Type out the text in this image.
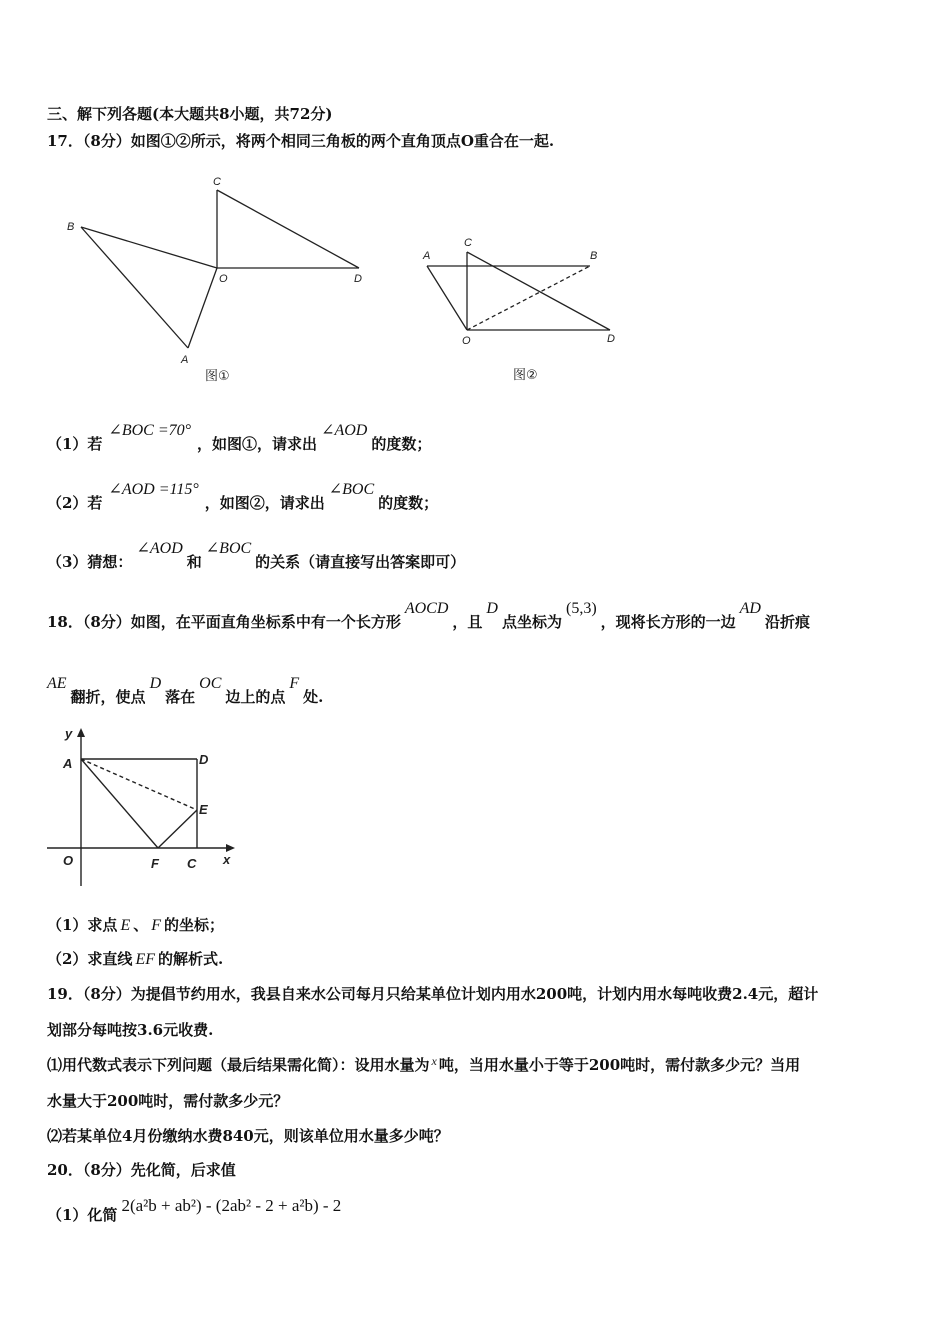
三、解下列各题(本大题共8小题，共72分)
17．（8分）如图①②所示，将两个相同三角板的两个直角顶点O重合在一起.
B
C
O	D
A
图①
A
C
B
O	D
图②
（1）若∠BOC =70°，如图①，请求出∠AOD的度数；
（2）若∠AOD =115°，如图②，请求出∠BOC的度数；
（3）猜想：∠AOD和∠BOC的关系（请直接写出答案即可）
18．（8分）如图，在平面直角坐标系中有一个长方形AOCD，且D点坐标为(5,3)，现将长方形的一边AD沿折痕
AE翻折，使点D落在OC边上的点F处.
y
A	D
E
O	F C x
（1）求点 E 、 F 的坐标；
（2）求直线 EF 的解析式.
19．（8分）为提倡节约用水，我县自来水公司每月只给某单位计划内用水200吨，计划内用水每吨收费2.4元，超计
划部分每吨按3.6元收费.
⑴用代数式表示下列问题（最后结果需化简）：设用水量为 $^x$ 吨，当用水量小于等于200吨时，需付款多少元？当用
水量大于200吨时，需付款多少元？
⑵若某单位4月份缴纳水费840元，则该单位用水量多少吨？
20．（8分）先化简，后求值
（1）化简 2(a²b + ab²) - (2ab² - 2 + a²b) - 2
